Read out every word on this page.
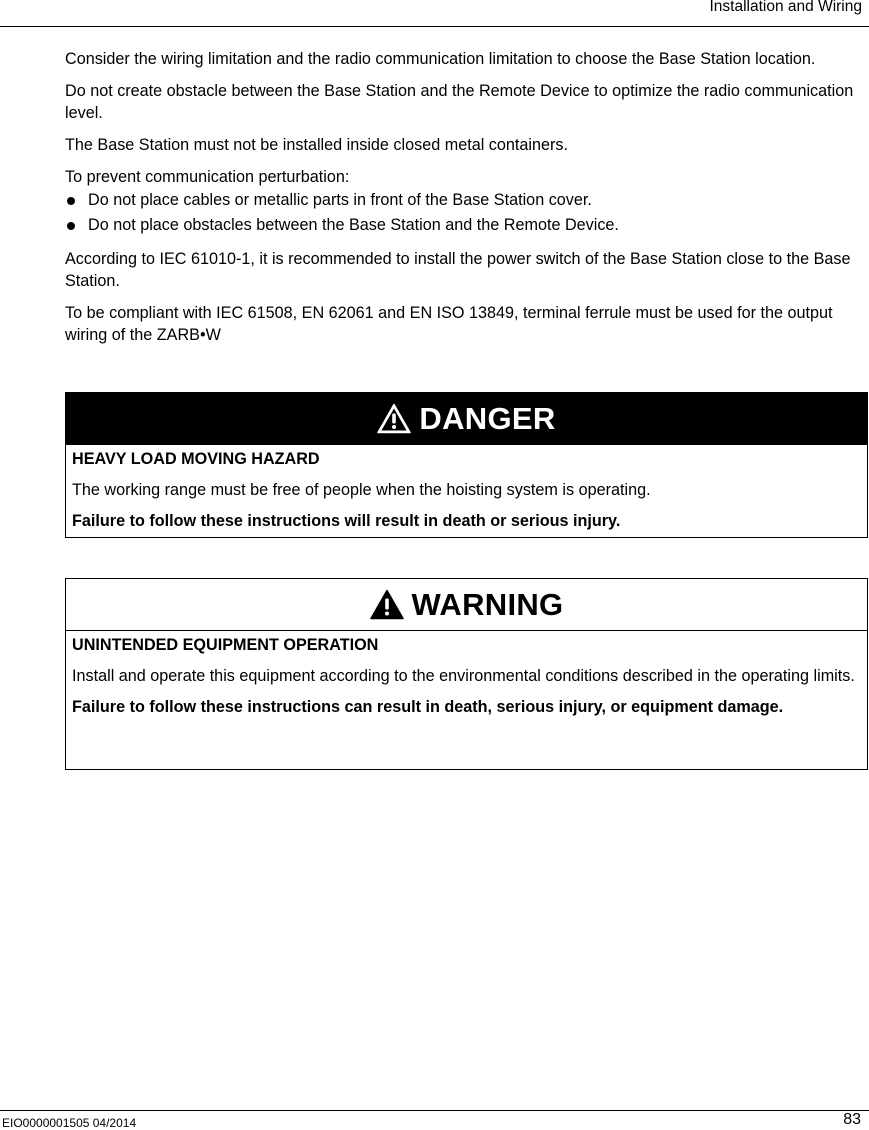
Installation and Wiring

Consider the wiring limitation and the radio communication limitation to choose the Base Station location.

Do not create obstacle between the Base Station and the Remote Device to optimize the radio communication level.

The Base Station must not be installed inside closed metal containers.

To prevent communication perturbation:

Do not place cables or metallic parts in front of the Base Station cover.
Do not place obstacles between the Base Station and the Remote Device.

According to IEC 61010-1, it is recommended to install the power switch of the Base Station close to the Base Station.

To be compliant with IEC 61508, EN 62061 and EN ISO 13849, terminal ferrule must be used for the output wiring of the ZARB•W

DANGER

HEAVY LOAD MOVING HAZARD

The working range must be free of people when the hoisting system is operating.

Failure to follow these instructions will result in death or serious injury.

WARNING

UNINTENDED EQUIPMENT OPERATION

Install and operate this equipment according to the environmental conditions described in the operating limits.

Failure to follow these instructions can result in death, serious injury, or equipment damage.

EIO0000001505 04/2014	83
